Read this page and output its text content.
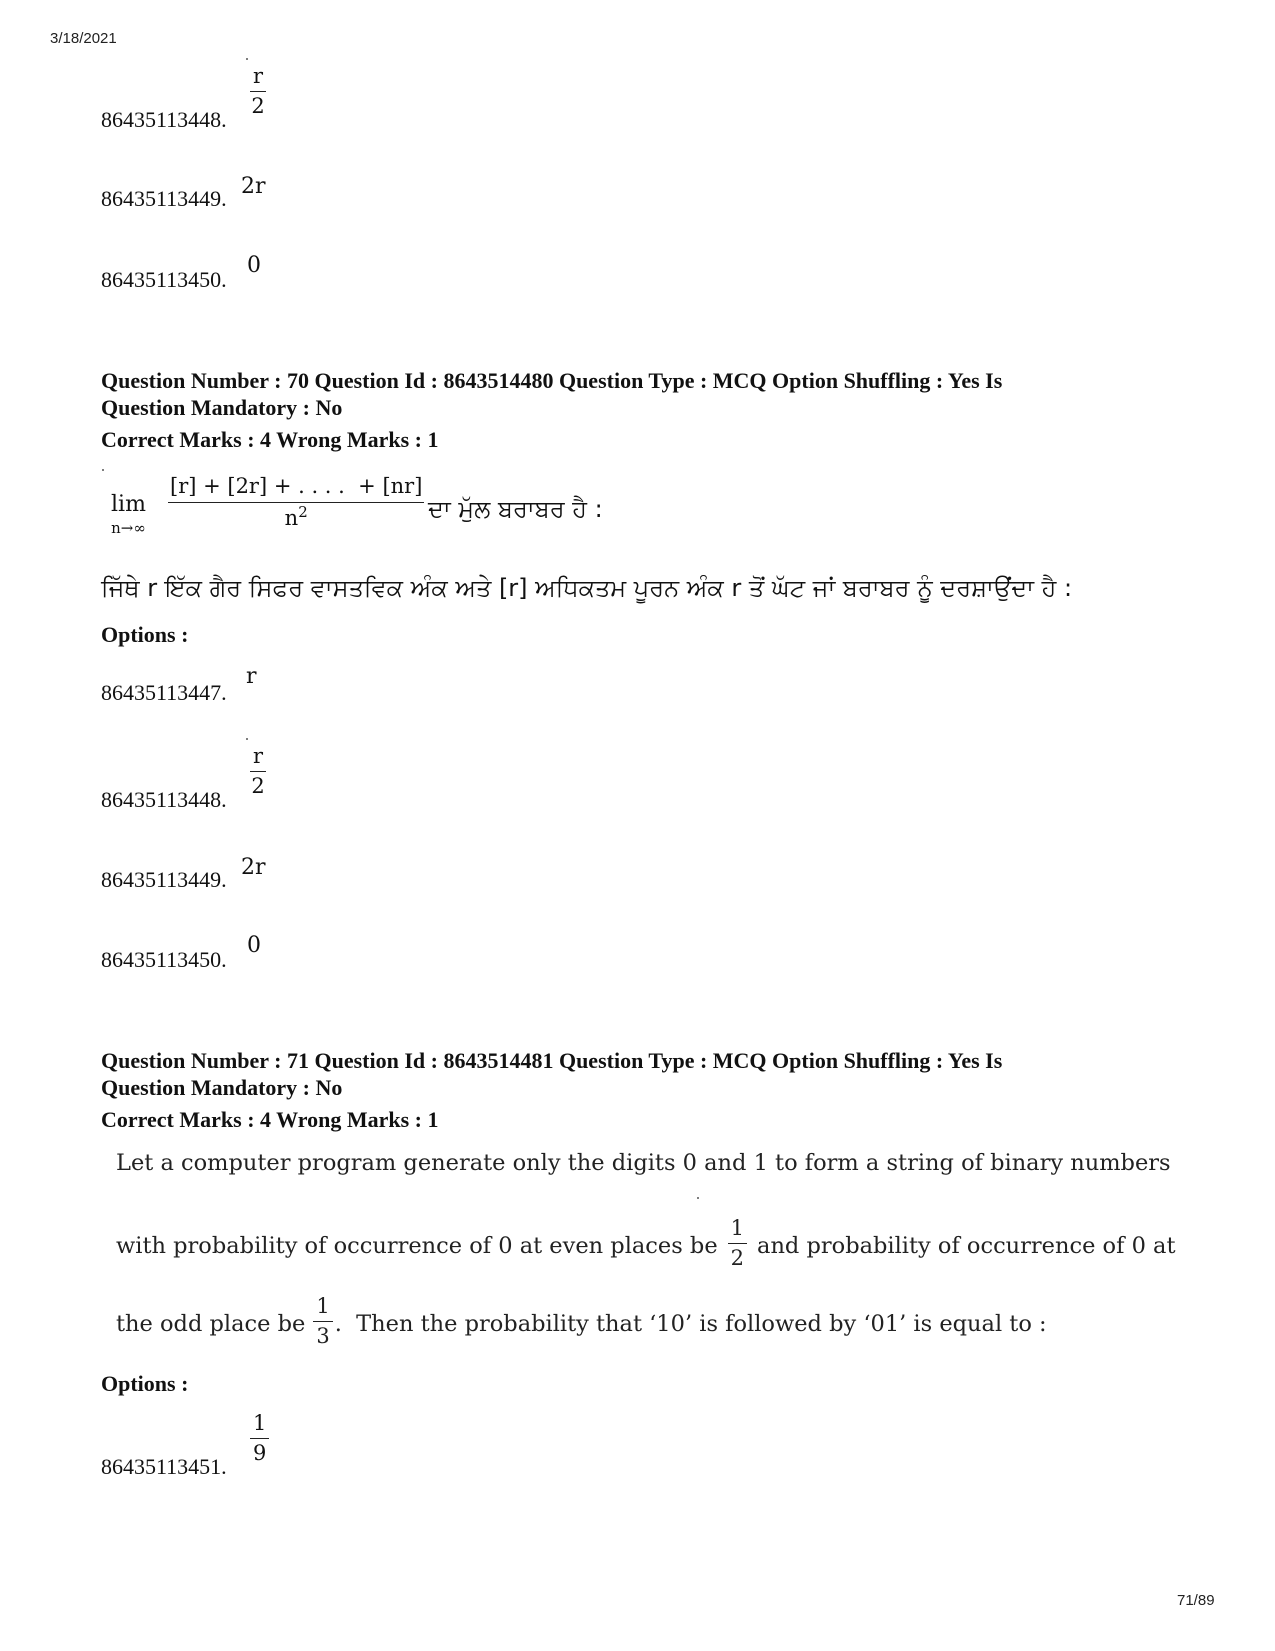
3/18/2021
86435113448.
r
2
86435113449. 2r
86435113450.
0
Question Number : 70 Question Id : 8643514480 Question Type : MCQ Option Shuffling : Yes Is
Question Mandatory : No
Correct Marks : 4 Wrong Marks : 1
lim
n→∞
[r] + [2r] + . . . .  + [nr]
$n^2$	ਦਾ ਮੁੱਲ ਬਰਾਬਰ ਹੈ :
ਜਿੱਥੇ r ਇੱਕ ਗੈਰ ਸਿਫਰ ਵਾਸਤਵਿਕ ਅੰਕ ਅਤੇ [r] ਅਧਿਕਤਮ ਪੂਰਨ ਅੰਕ r ਤੋਂ ਘੱਟ ਜਾਂ ਬਰਾਬਰ ਨੂੰ ਦਰਸ਼ਾਉਂਦਾ ਹੈ :
Options :
86435113447.
r
86435113448.
r
2
86435113449. 2r
86435113450.
0
Question Number : 71 Question Id : 8643514481 Question Type : MCQ Option Shuffling : Yes Is
Question Mandatory : No
Correct Marks : 4 Wrong Marks : 1
Let a computer program generate only the digits 0 and 1 to form a string of binary numbers
with probability of occurrence of 0 at even places be $\frac{1}{2}$ and probability of occurrence of 0 at
the odd place be $\frac{1}{3}$ .  Then the probability that ‘10’ is followed by ‘01’ is equal to :
Options :
86435113451.
1
9
71/89
